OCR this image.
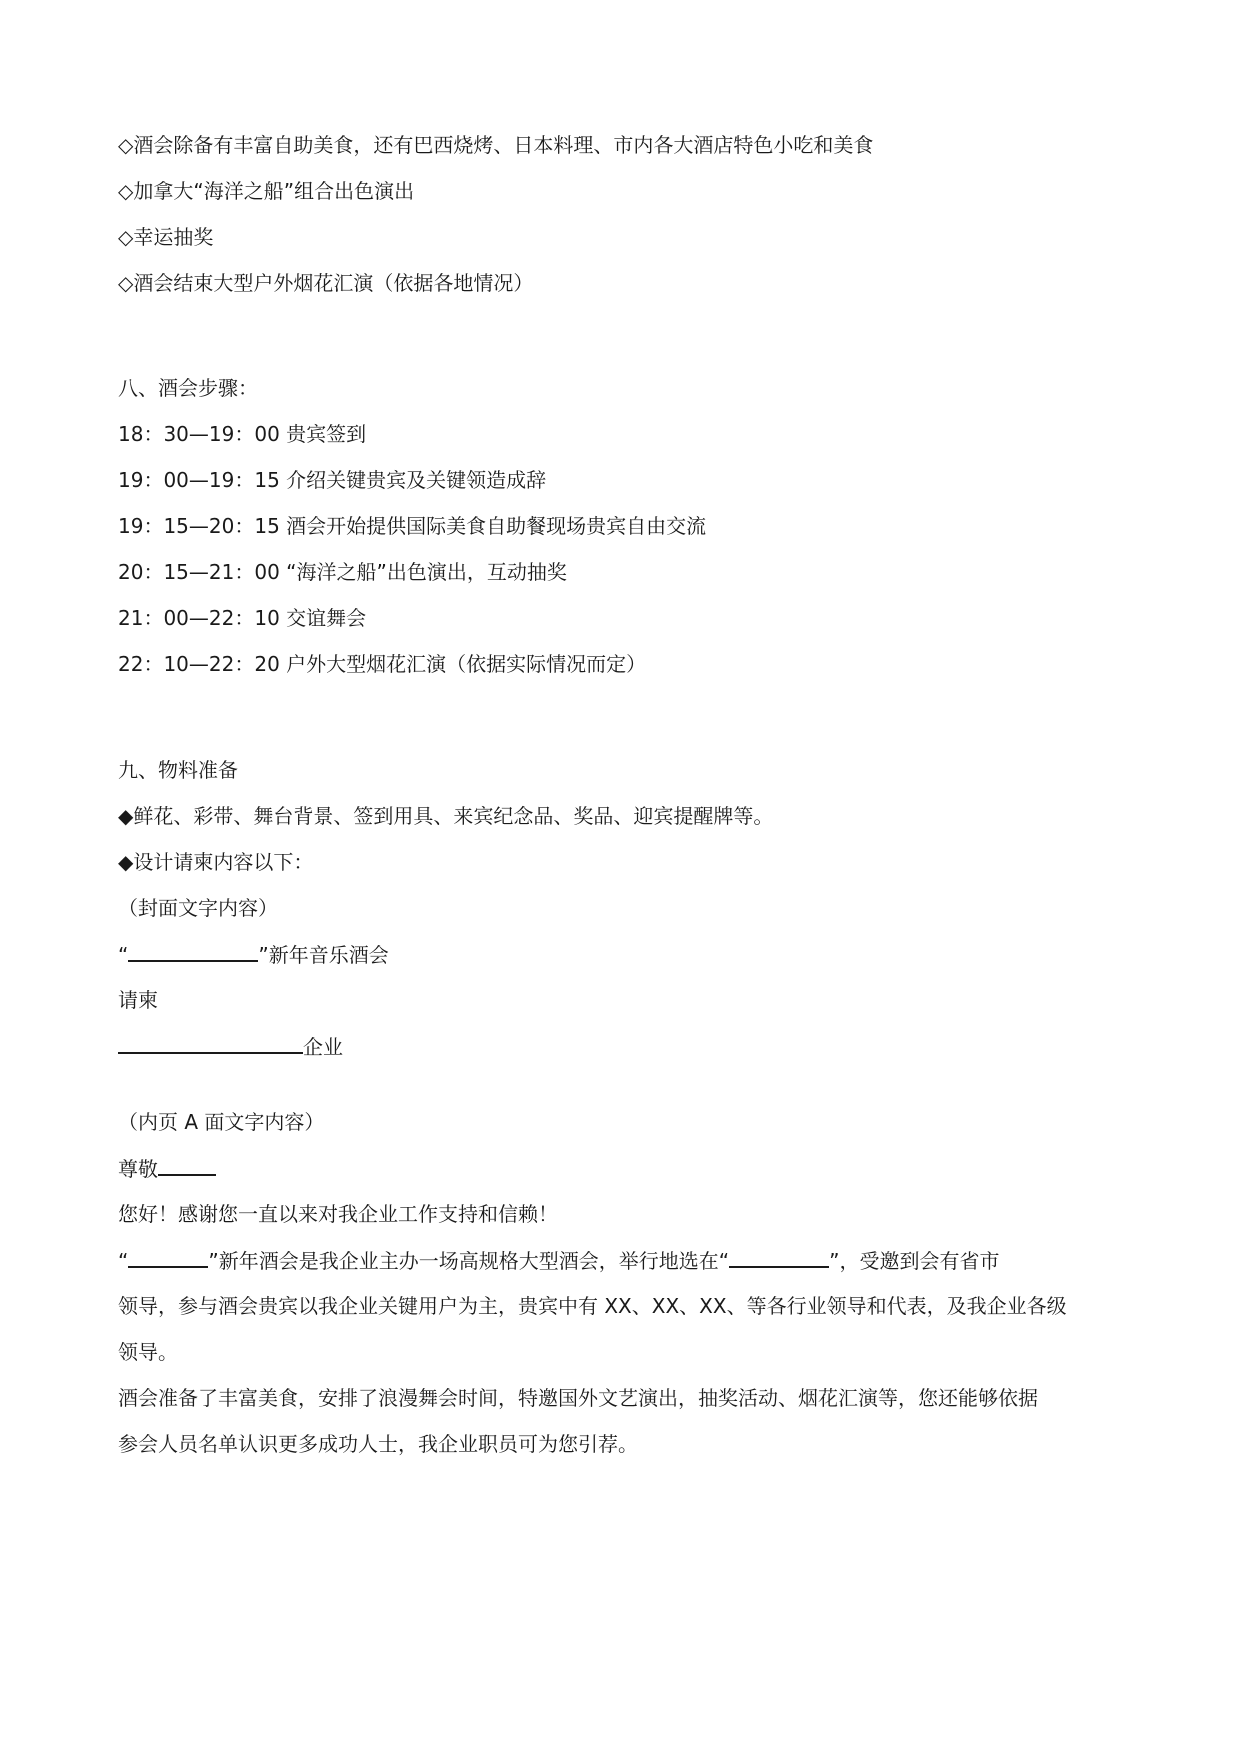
◇酒会除备有丰富自助美食，还有巴西烧烤、日本料理、市内各大酒店特色小吃和美食
◇加拿大“海洋之船”组合出色演出
◇幸运抽奖
◇酒会结束大型户外烟花汇演（依据各地情况）
八、酒会步骤：
18：30—19：00 贵宾签到
19：00—19：15 介绍关键贵宾及关键领造成辞
19：15—20：15 酒会开始提供国际美食自助餐现场贵宾自由交流
20：15—21：00 “海洋之船”出色演出，互动抽奖
21：00—22：10 交谊舞会
22：10—22：20 户外大型烟花汇演（依据实际情况而定）
九、物料准备
◆鲜花、彩带、舞台背景、签到用具、来宾纪念品、奖品、迎宾提醒牌等。
◆设计请柬内容以下：
（封面文字内容）
“	”新年音乐酒会
请柬
企业
（内页 A 面文字内容）
尊敬
您好！感谢您一直以来对我企业工作支持和信赖！
“	”新年酒会是我企业主办一场高规格大型酒会，举行地选在“	”，受邀到会有省市
领导，参与酒会贵宾以我企业关键用户为主，贵宾中有 XX、XX、XX、等各行业领导和代表，及我企业各级
领导。
酒会准备了丰富美食，安排了浪漫舞会时间，特邀国外文艺演出，抽奖活动、烟花汇演等，您还能够依据
参会人员名单认识更多成功人士，我企业职员可为您引荐。
